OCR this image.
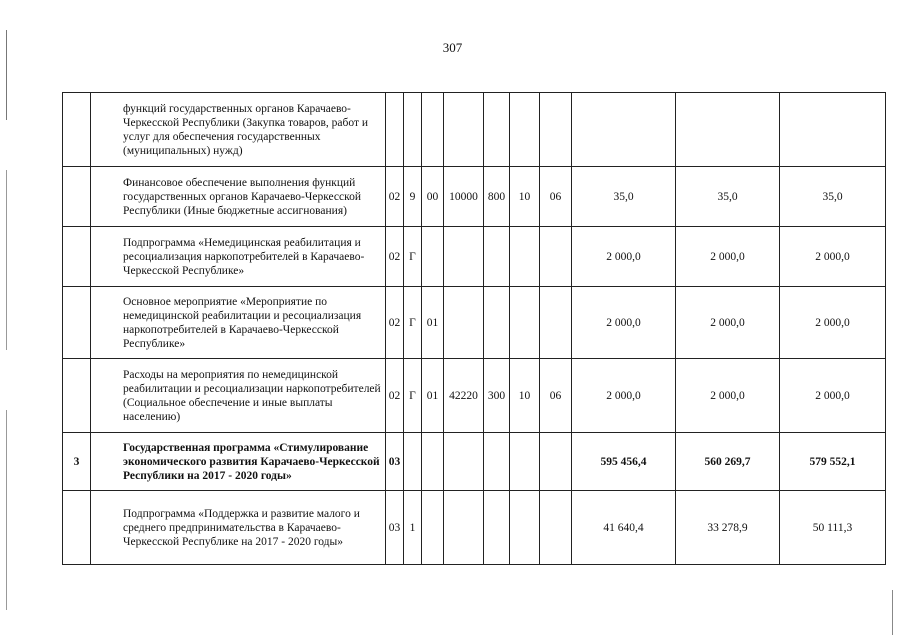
307
	функций государственных органов Карачаево-Черкесской Республики (Закупка товаров, работ и услуг для обеспечения государственных (муниципальных) нужд)										
	Финансовое обеспечение выполнения функций государственных органов Карачаево-Черкесской Республики (Иные бюджетные ассигнования)	02	9	00	10000	800	10	06	35,0	35,0	35,0
	Подпрограмма «Немедицинская реабилитация и ресоциализация наркопотребителей в Карачаево-Черкесской Республике»	02	Г						2 000,0	2 000,0	2 000,0
	Основное мероприятие «Мероприятие по немедицинской реабилитации и ресоциализация наркопотребителей в Карачаево-Черкесской Республике»	02	Г	01					2 000,0	2 000,0	2 000,0
	Расходы на мероприятия по немедицинской реабилитации и ресоциализации наркопотребителей (Социальное обеспечение и иные выплаты населению)	02	Г	01	42220	300	10	06	2 000,0	2 000,0	2 000,0
3	Государственная программа «Стимулирование экономического развития Карачаево-Черкесской Республики на 2017 - 2020 годы»	03							595 456,4	560 269,7	579 552,1
	Подпрограмма «Поддержка и развитие малого и среднего предпринимательства в Карачаево-Черкесской Республике на 2017 - 2020 годы»	03	1						41 640,4	33 278,9	50 111,3
